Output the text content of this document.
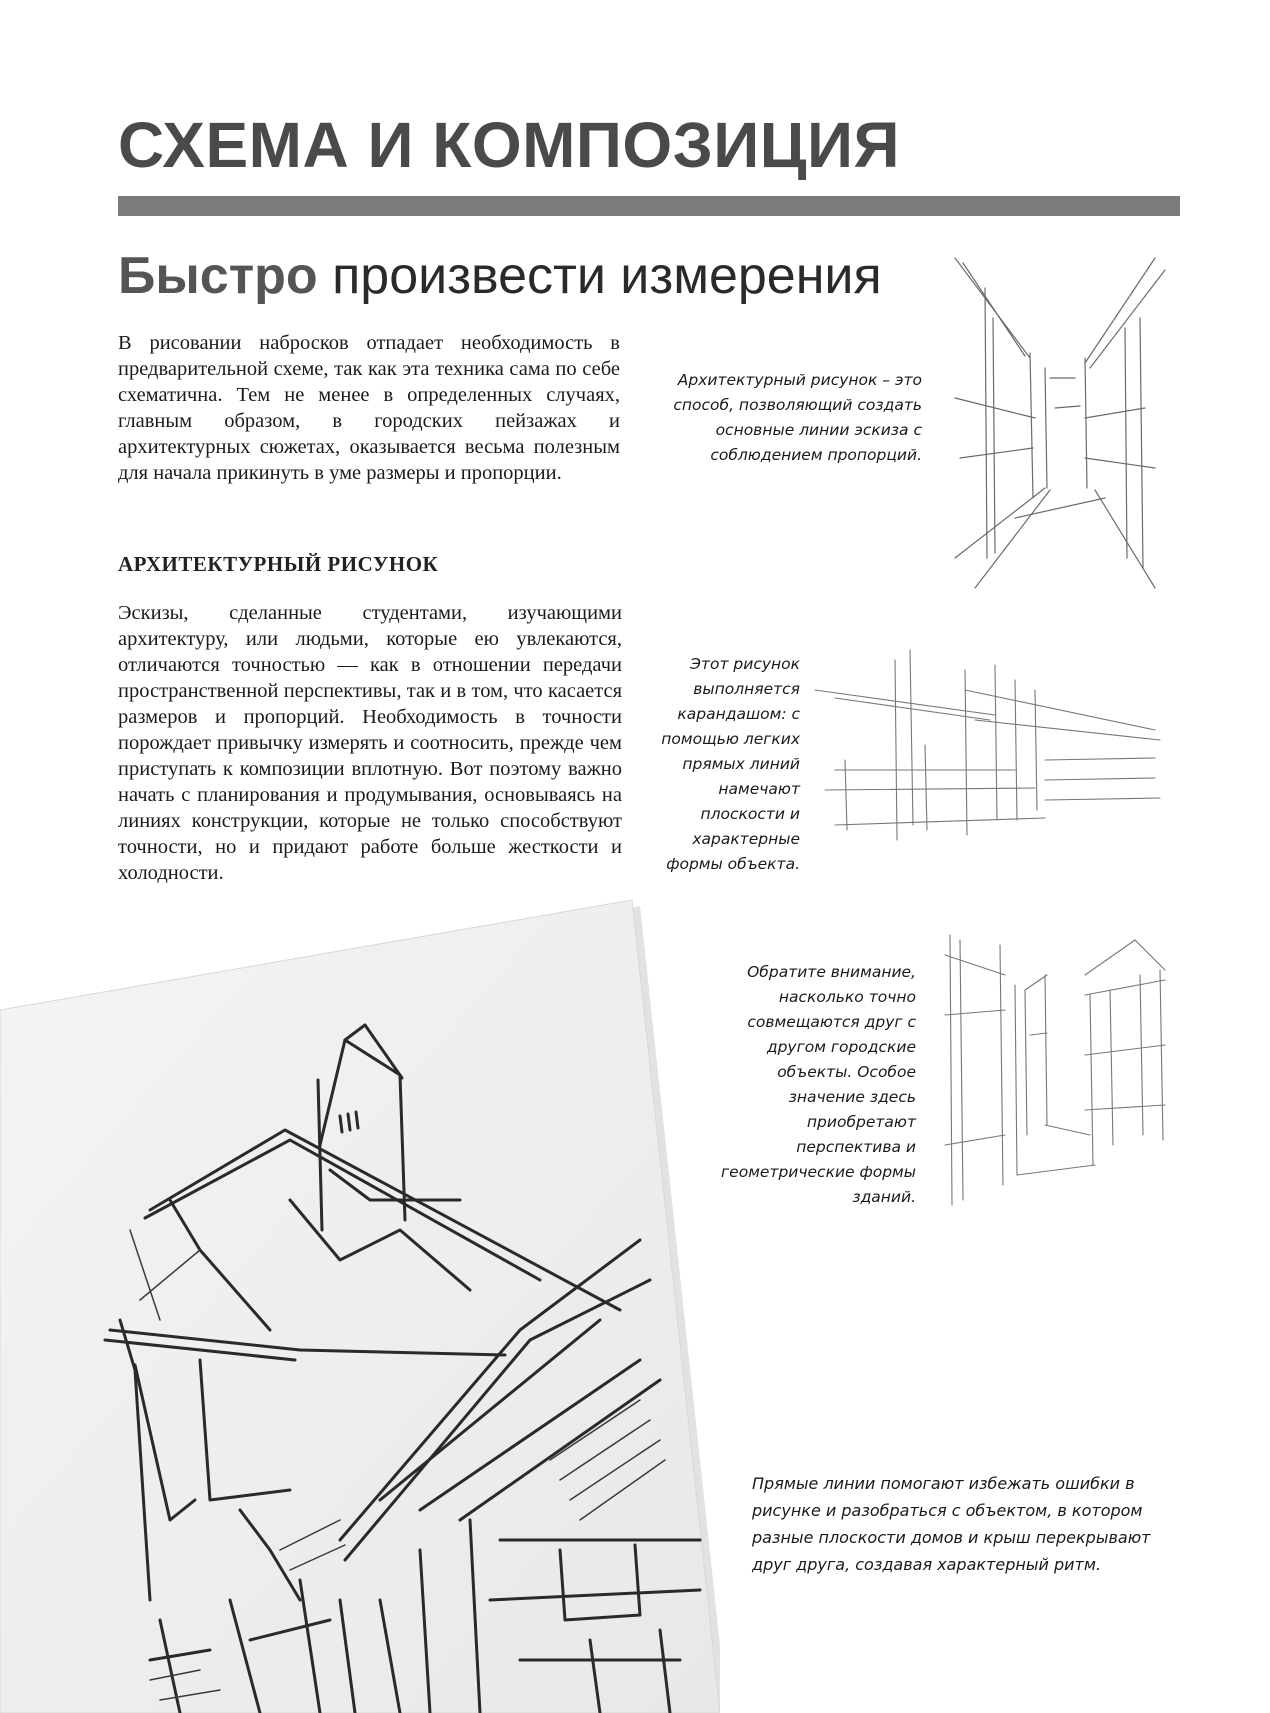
СХЕМА И КОМПОЗИЦИЯ
Быстро произвести измерения

В рисовании набросков отпадает необходимость в предварительной схеме, так как эта техника сама по себе схематична. Тем не менее в определенных случаях, главным образом, в городских пейзажах и архитектурных сюжетах, оказывается весьма полезным для начала прикинуть в уме размеры и пропорции.

АРХИТЕКТУРНЫЙ РИСУНОК

Эскизы, сделанные студентами, изучающими архитектуру, или людьми, которые ею увлекаются, отличаются точностью — как в отношении передачи пространственной перспективы, так и в том, что касается размеров и пропорций. Необходимость в точности порождает привычку измерять и соотносить, прежде чем приступать к композиции вплотную. Вот поэтому важно начать с планирования и продумывания, основываясь на линиях конструкции, которые не только способствуют точности, но и придают работе больше жесткости и холодности.

Архитектурный рисунок – это способ, позволяющий создать основные линии эскиза с соблюдением пропорций.

Этот рисунок выполняется карандашом: с помощью легких прямых линий намечают плоскости и характерные формы объекта.

Обратите внимание, насколько точно совмещаются друг с другом городские объекты. Особое значение здесь приобретают перспектива и геометрические формы зданий.

Прямые линии помогают избежать ошибки в рисунке и разобраться с объектом, в котором разные плоскости домов и крыш перекрывают друг друга, создавая характерный ритм.
